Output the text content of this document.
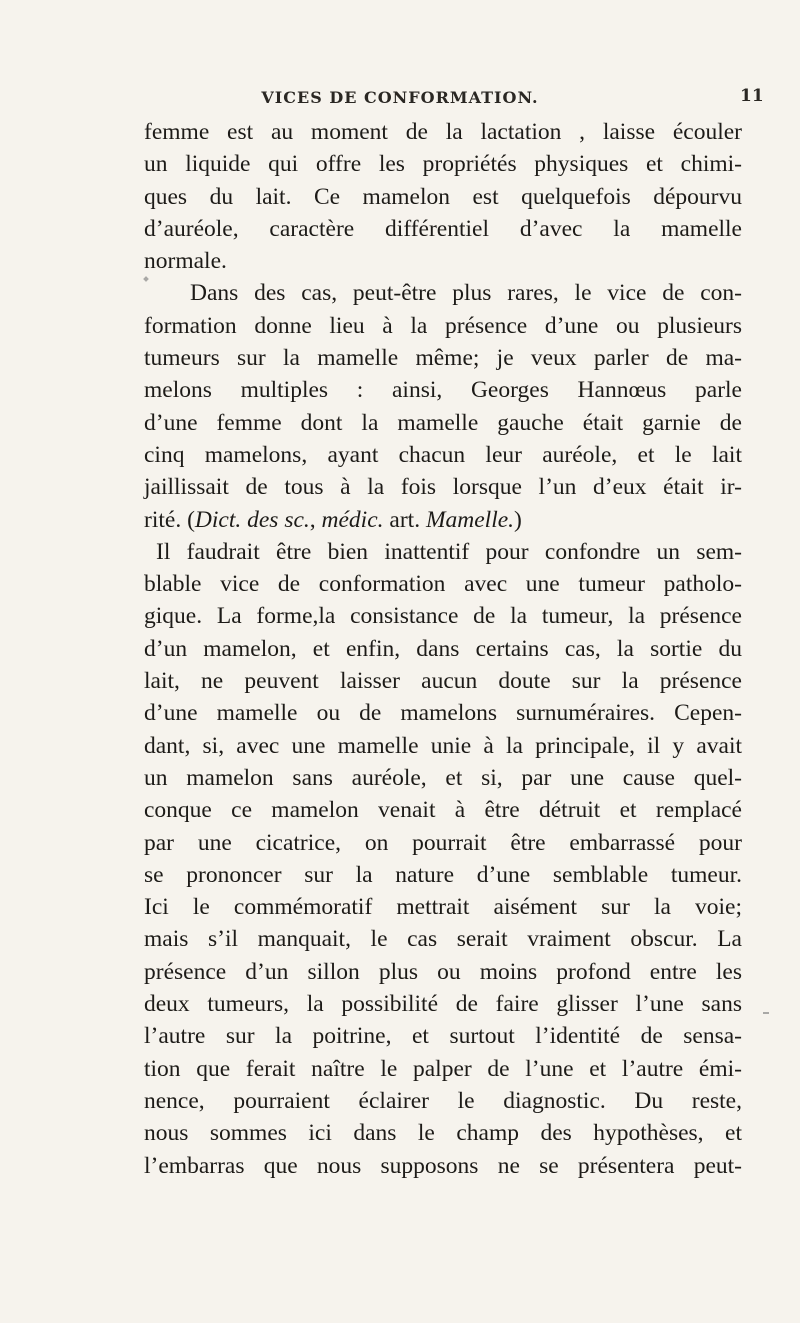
VICES DE CONFORMATION.	11
femme est au moment de la lactation , laisse écouler
un liquide qui offre les propriétés physiques et chimi-
ques du lait. Ce mamelon est quelquefois dépourvu
d’auréole, caractère différentiel d’avec la mamelle
normale.
Dans des cas, peut-être plus rares, le vice de con-
formation donne lieu à la présence d’une ou plusieurs
tumeurs sur la mamelle même; je veux parler de ma-
melons multiples : ainsi, Georges Hannœus parle
d’une femme dont la mamelle gauche était garnie de
cinq mamelons, ayant chacun leur auréole, et le lait
jaillissait de tous à la fois lorsque l’un d’eux était ir-
rité. (Dict. des sc., médic. art. Mamelle.)
Il faudrait être bien inattentif pour confondre un sem-
blable vice de conformation avec une tumeur patholo-
gique. La forme,la consistance de la tumeur, la présence
d’un mamelon, et enfin, dans certains cas, la sortie du
lait, ne peuvent laisser aucun doute sur la présence
d’une mamelle ou de mamelons surnuméraires. Cepen-
dant, si, avec une mamelle unie à la principale, il y avait
un mamelon sans auréole, et si, par une cause quel-
conque ce mamelon venait à être détruit et remplacé
par une cicatrice, on pourrait être embarrassé pour
se prononcer sur la nature d’une semblable tumeur.
Ici le commémoratif mettrait aisément sur la voie;
mais s’il manquait, le cas serait vraiment obscur. La
présence d’un sillon plus ou moins profond entre les
deux tumeurs, la possibilité de faire glisser l’une sans
l’autre sur la poitrine, et surtout l’identité de sensa-
tion que ferait naître le palper de l’une et l’autre émi-
nence, pourraient éclairer le diagnostic. Du reste,
nous sommes ici dans le champ des hypothèses, et
l’embarras que nous supposons ne se présentera peut-
